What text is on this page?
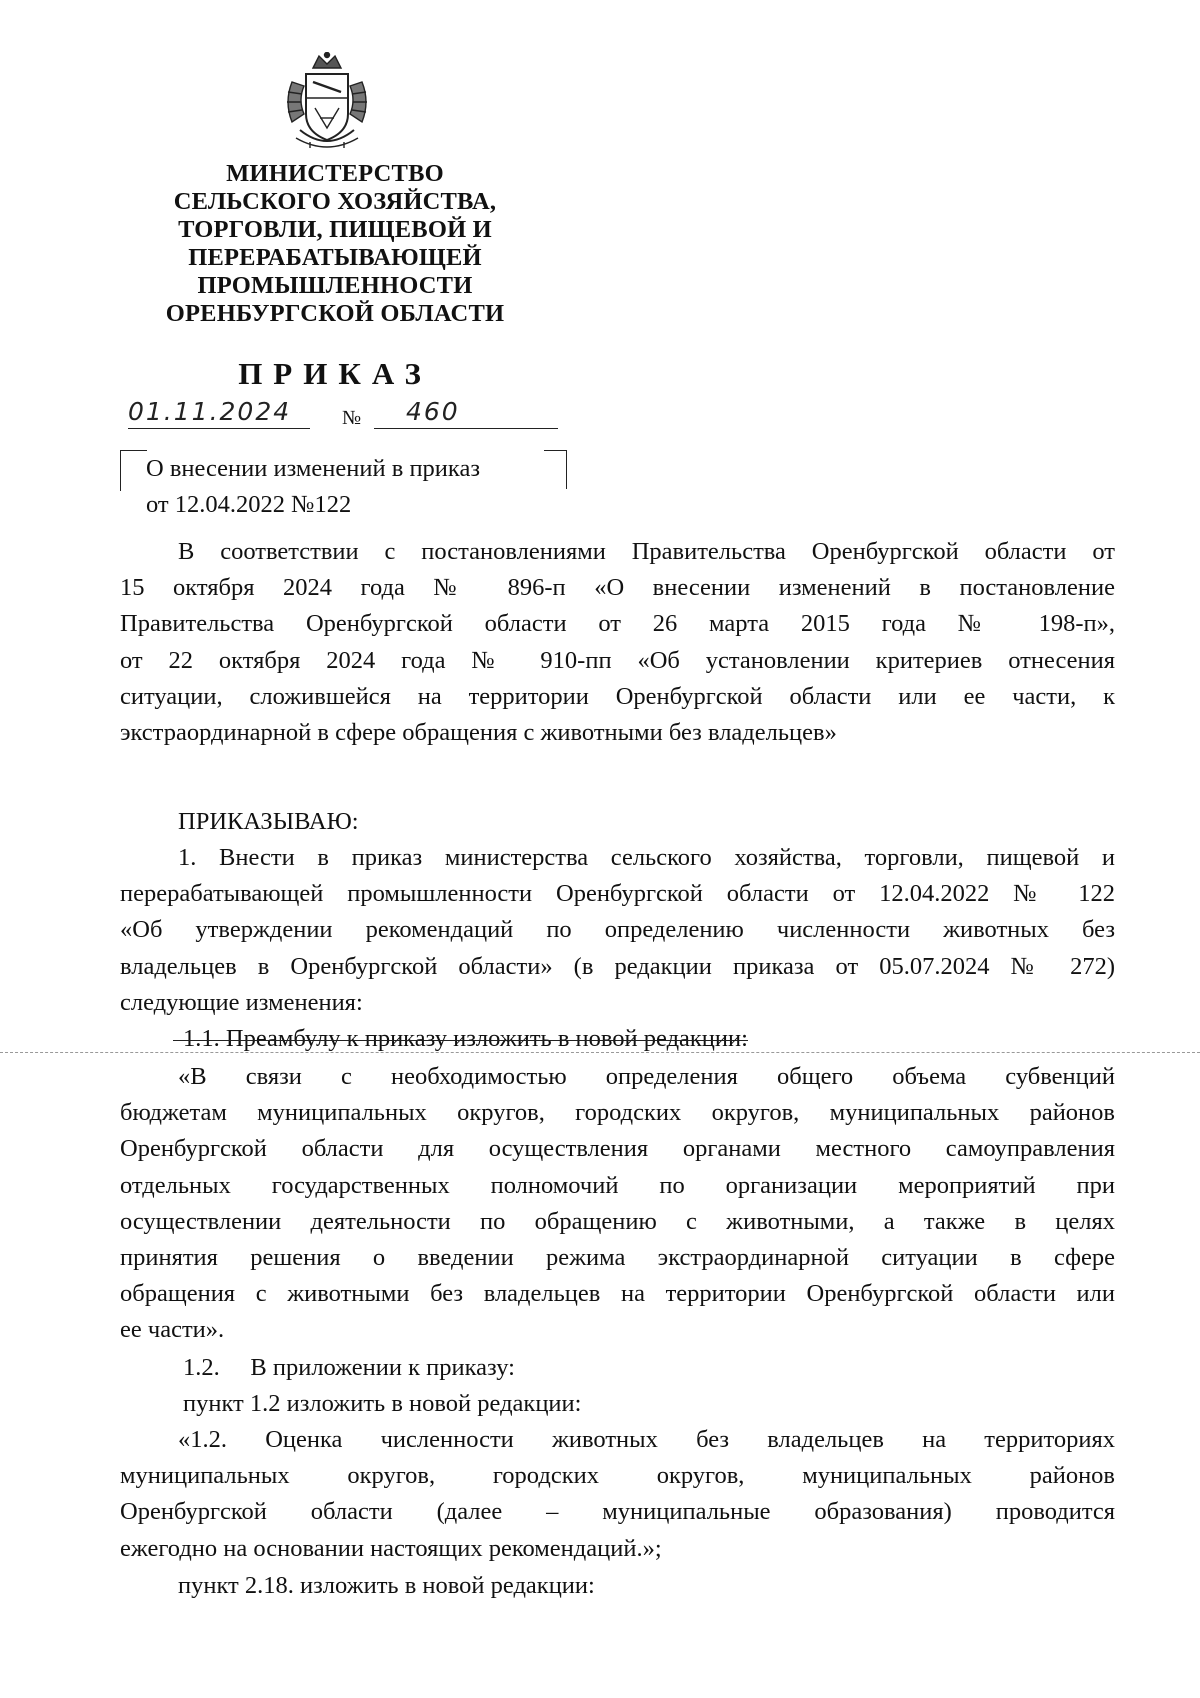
МИНИСТЕРСТВО
СЕЛЬСКОГО ХОЗЯЙСТВА,
ТОРГОВЛИ, ПИЩЕВОЙ И
ПЕРЕРАБАТЫВАЮЩЕЙ
ПРОМЫШЛЕННОСТИ
ОРЕНБУРГСКОЙ ОБЛАСТИ
ПРИКАЗ
01.11.2024	№ 460
О внесении изменений в приказ
от 12.04.2022 №122
В соответствии с постановлениями Правительства Оренбургской области от
15 октября 2024 года № 896-п «О внесении изменений в постановление
Правительства Оренбургской области от 26 марта 2015 года № 198-п»,
от 22 октября 2024 года № 910-пп «Об установлении критериев отнесения
ситуации, сложившейся на территории Оренбургской области или ее части, к
экстраординарной в сфере обращения с животными без владельцев»
ПРИКАЗЫВАЮ:
1. Внести в приказ министерства сельского хозяйства, торговли, пищевой и
перерабатывающей промышленности Оренбургской области от 12.04.2022 № 122
«Об утверждении рекомендаций по определению численности животных без
владельцев в Оренбургской области» (в редакции приказа от 05.07.2024 № 272)
следующие изменения:
1.1. Преамбулу к приказу изложить в новой редакции:
«В связи с необходимостью определения общего объема субвенций
бюджетам муниципальных округов, городских округов, муниципальных районов
Оренбургской области для осуществления органами местного самоуправления
отдельных государственных полномочий по организации мероприятий при
осуществлении деятельности по обращению с животными, а также в целях
принятия решения о введении режима экстраординарной ситуации в сфере
обращения с животными без владельцев на территории Оренбургской области или
ее части».
1.2.     В приложении к приказу:
пункт 1.2 изложить в новой редакции:
«1.2. Оценка численности животных без владельцев на территориях
муниципальных округов, городских округов, муниципальных районов
Оренбургской области (далее – муниципальные образования) проводится
ежегодно на основании настоящих рекомендаций.»;
пункт 2.18. изложить в новой редакции:
